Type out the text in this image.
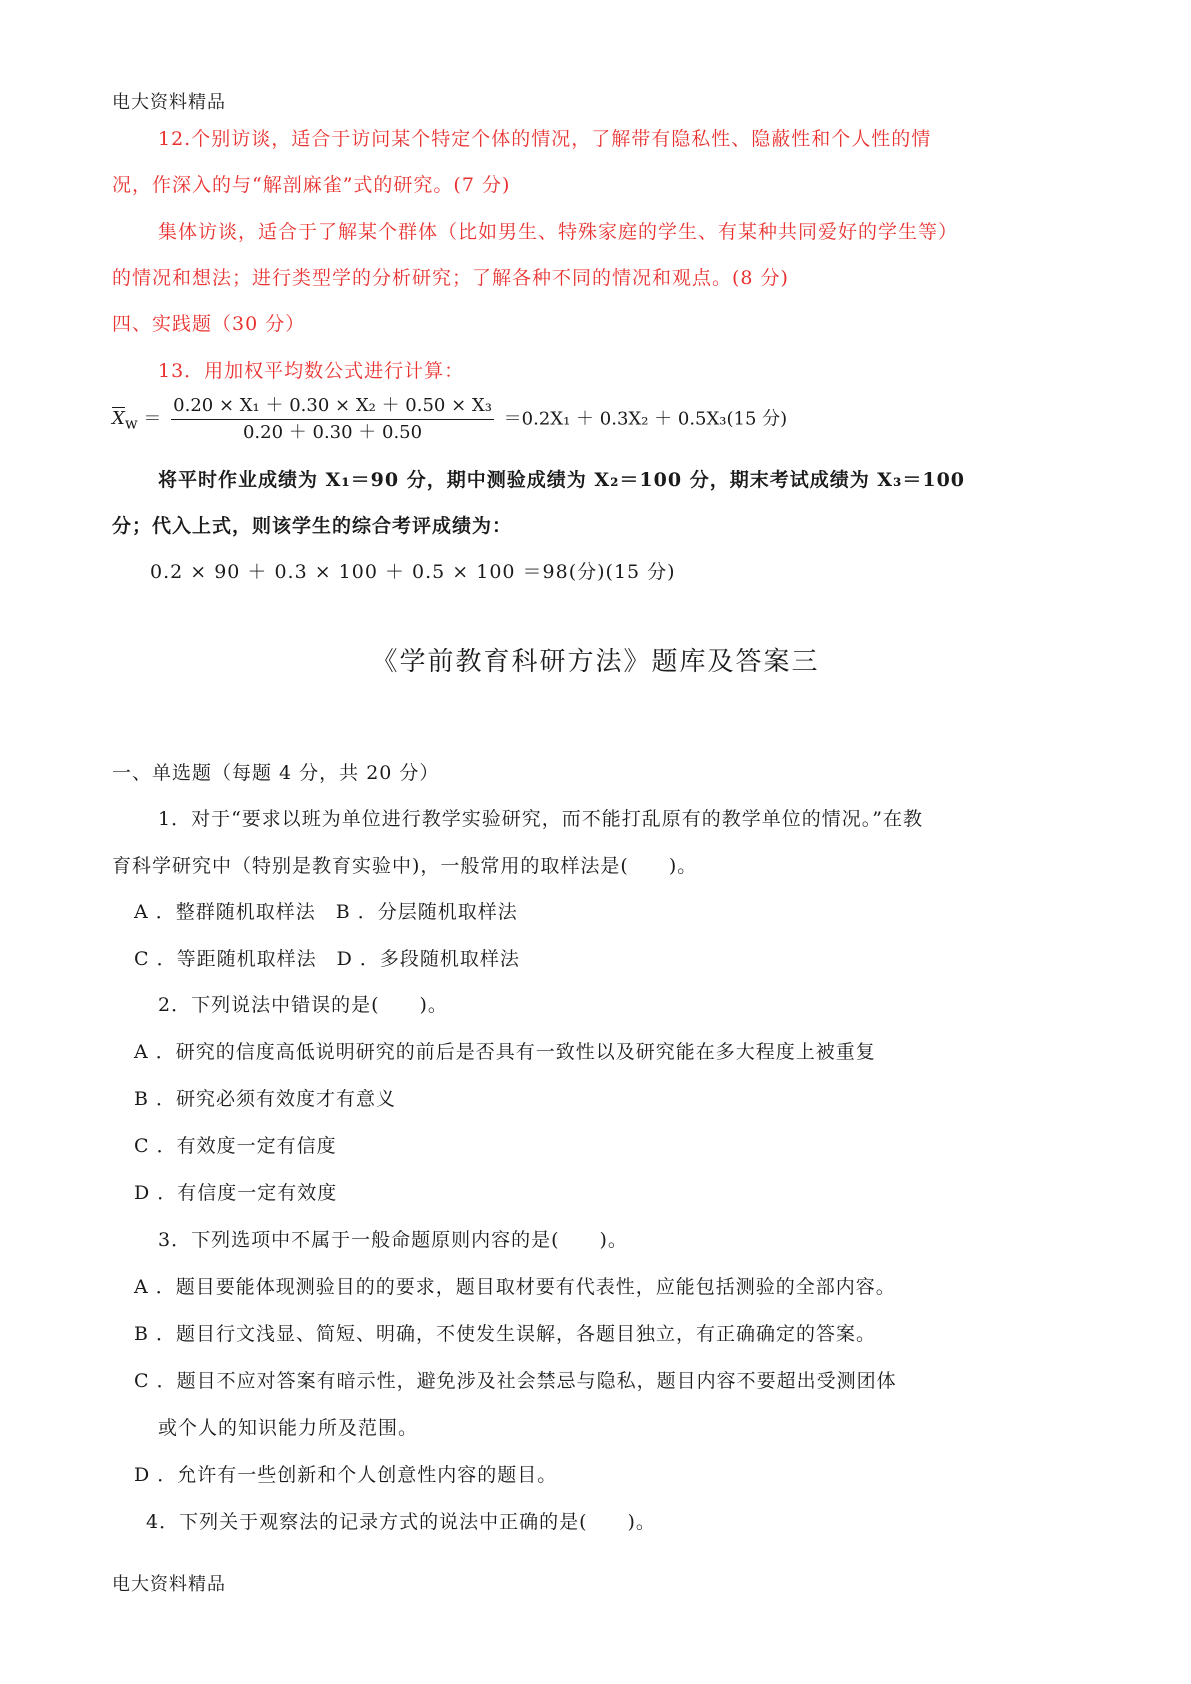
电大资料精品
12.个别访谈，适合于访问某个特定个体的情况，了解带有隐私性、隐蔽性和个人性的情
况，作深入的与“解剖麻雀”式的研究。(7 分)
集体访谈，适合于了解某个群体（比如男生、特殊家庭的学生、有某种共同爱好的学生等）
的情况和想法；进行类型学的分析研究；了解各种不同的情况和观点。(8 分)
四、实践题（30 分）
13．用加权平均数公式进行计算：
$X_w = \frac{\text{0.20 × X₁ ＋ 0.30 × X₂ ＋ 0.50 × X₃}}{0.20 + 0.30 + 0.50} =0.2X_1 + 0.3X_2 + 0.5X_3(15$ 分)
将平时作业成绩为 X₁＝90 分，期中测验成绩为 X₂＝100 分，期末考试成绩为 X₃＝100
分；代入上式，则该学生的综合考评成绩为：
0.2 × 90 ＋ 0.3 × 100 ＋ 0.5 × 100 ＝98(分)(15 分)
《学前教育科研方法》题库及答案三
一、单选题（每题 4 分，共 20 分）
1．对于“要求以班为单位进行教学实验研究，而不能打乱原有的教学单位的情况。”在教
育科学研究中（特别是教育实验中)，一般常用的取样法是(　　)。
A ．整群随机取样法　B ．分层随机取样法
C ．等距随机取样法　D ．多段随机取样法
2．下列说法中错误的是(　　)。
A ．研究的信度高低说明研究的前后是否具有一致性以及研究能在多大程度上被重复
B ．研究必须有效度才有意义
C ．有效度一定有信度
D ．有信度一定有效度
3．下列选项中不属于一般命题原则内容的是(　　)。
A ．题目要能体现测验目的的要求，题目取材要有代表性，应能包括测验的全部内容。
B ．题目行文浅显、简短、明确，不使发生误解，各题目独立，有正确确定的答案。
C ．题目不应对答案有暗示性，避免涉及社会禁忌与隐私，题目内容不要超出受测团体
或个人的知识能力所及范围。
D ．允许有一些创新和个人创意性内容的题目。
4．下列关于观察法的记录方式的说法中正确的是(　　)。
电大资料精品
